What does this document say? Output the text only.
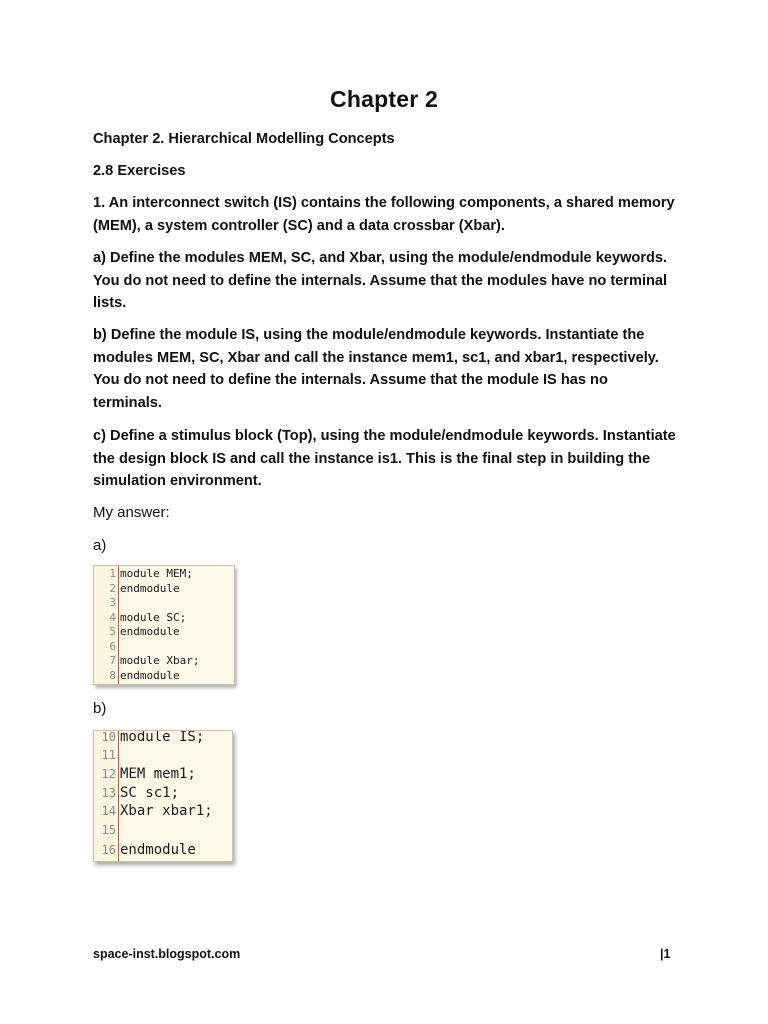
Chapter 2
Chapter 2. Hierarchical Modelling Concepts
2.8 Exercises
1. An interconnect switch (IS) contains the following components, a shared memory (MEM), a system controller (SC) and a data crossbar (Xbar).
a) Define the modules MEM, SC, and Xbar, using the module/endmodule keywords. You do not need to define the internals. Assume that the modules have no terminal lists.
b) Define the module IS, using the module/endmodule keywords. Instantiate the modules MEM, SC, Xbar and call the instance mem1, sc1, and xbar1, respectively. You do not need to define the internals. Assume that the module IS has no terminals.
c) Define a stimulus block (Top), using the module/endmodule keywords. Instantiate the design block IS and call the instance is1. This is the final step in building the simulation environment.
My answer:
a)
1 module MEM;
2 endmodule
3
4 module SC;
5 endmodule
6
7 module Xbar;
8 endmodule
b)
10 module IS;
11
12 MEM mem1;
13 SC sc1;
14 Xbar xbar1;
15
16 endmodule
space-inst.blogspot.com	|1
